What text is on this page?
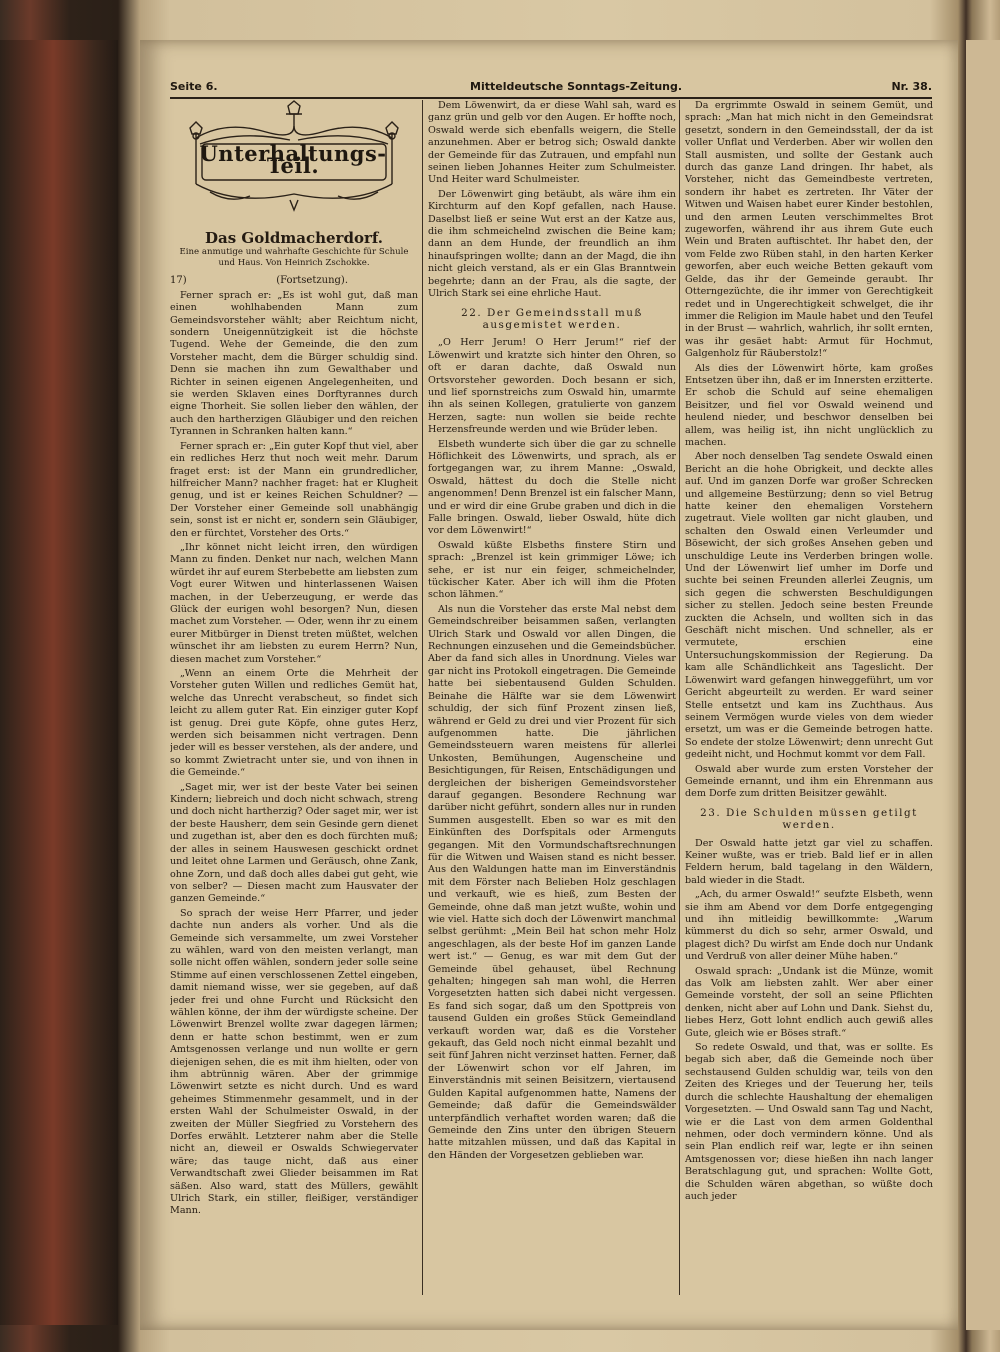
Seite 6.	Mitteldeutsche Sonntags-Zeitung.	Nr. 38.
Unterhaltungs-Teil.
Das Goldmacherdorf.
Eine anmutige und wahrhafte Geschichte für Schule und Haus. Von Heinrich Zschokke.
17)	(Fortsetzung).

Ferner sprach er: „Es ist wohl gut, daß man einen wohlhabenden Mann zum Gemeindsvorsteher wählt; aber Reichtum nicht, sondern Uneigennützigkeit ist die höchste Tugend. Wehe der Gemeinde, die den zum Vorsteher macht, dem die Bürger schuldig sind. Denn sie machen ihn zum Gewalthaber und Richter in seinen eigenen Angelegenheiten, und sie werden Sklaven eines Dorftyrannes durch eigne Thorheit. Sie sollen lieber den wählen, der auch den hartherzigen Gläubiger und den reichen Tyrannen in Schranken halten kann.“

Ferner sprach er: „Ein guter Kopf thut viel, aber ein redliches Herz thut noch weit mehr. Darum fraget erst: ist der Mann ein grundredlicher, hilfreicher Mann? nachher fraget: hat er Klugheit genug, und ist er keines Reichen Schuldner? — Der Vorsteher einer Gemeinde soll unabhängig sein, sonst ist er nicht er, sondern sein Gläubiger, den er fürchtet, Vorsteher des Orts.“

„Ihr könnet nicht leicht irren, den würdigen Mann zu finden. Denket nur nach, welchen Mann würdet ihr auf eurem Sterbebette am liebsten zum Vogt eurer Witwen und hinterlassenen Waisen machen, in der Ueberzeugung, er werde das Glück der eurigen wohl besorgen? Nun, diesen machet zum Vorsteher. — Oder, wenn ihr zu einem eurer Mitbürger in Dienst treten müßtet, welchen wünschet ihr am liebsten zu eurem Herrn? Nun, diesen machet zum Vorsteher.“

„Wenn an einem Orte die Mehrheit der Vorsteher guten Willen und redliches Gemüt hat, welche das Unrecht verabscheut, so findet sich leicht zu allem guter Rat. Ein einziger guter Kopf ist genug. Drei gute Köpfe, ohne gutes Herz, werden sich beisammen nicht vertragen. Denn jeder will es besser verstehen, als der andere, und so kommt Zwietracht unter sie, und von ihnen in die Gemeinde.“

„Saget mir, wer ist der beste Vater bei seinen Kindern; liebreich und doch nicht schwach, streng und doch nicht hartherzig? Oder saget mir, wer ist der beste Hausherr, dem sein Gesinde gern dienet und zugethan ist, aber den es doch fürchten muß; der alles in seinem Hauswesen geschickt ordnet und leitet ohne Larmen und Geräusch, ohne Zank, ohne Zorn, und daß doch alles dabei gut geht, wie von selber? — Diesen macht zum Hausvater der ganzen Gemeinde.“

So sprach der weise Herr Pfarrer, und jeder dachte nun anders als vorher. Und als die Gemeinde sich versammelte, um zwei Vorsteher zu wählen, ward von den meisten verlangt, man solle nicht offen wählen, sondern jeder solle seine Stimme auf einen verschlossenen Zettel eingeben, damit niemand wisse, wer sie gegeben, auf daß jeder frei und ohne Furcht und Rücksicht den wählen könne, der ihm der würdigste scheine. Der Löwenwirt Brenzel wollte zwar dagegen lärmen; denn er hatte schon bestimmt, wen er zum Amtsgenossen verlange und nun wollte er gern diejenigen sehen, die es mit ihm hielten, oder von ihm abtrünnig wären. Aber der grimmige Löwenwirt setzte es nicht durch. Und es ward geheimes Stimmenmehr gesammelt, und in der ersten Wahl der Schulmeister Oswald, in der zweiten der Müller Siegfried zu Vorstehern des Dorfes erwählt. Letzterer nahm aber die Stelle nicht an, dieweil er Oswalds Schwiegervater wäre; das tauge nicht, daß aus einer Verwandtschaft zwei Glieder beisammen im Rat säßen. Also ward, statt des Müllers, gewählt Ulrich Stark, ein stiller, fleißiger, verständiger Mann.

Dem Löwenwirt, da er diese Wahl sah, ward es ganz grün und gelb vor den Augen. Er hoffte noch, Oswald werde sich ebenfalls weigern, die Stelle anzunehmen. Aber er betrog sich; Oswald dankte der Gemeinde für das Zutrauen, und empfahl nun seinen lieben Johannes Heiter zum Schulmeister. Und Heiter ward Schulmeister.

Der Löwenwirt ging betäubt, als wäre ihm ein Kirchturm auf den Kopf gefallen, nach Hause. Daselbst ließ er seine Wut erst an der Katze aus, die ihm schmeichelnd zwischen die Beine kam; dann an dem Hunde, der freundlich an ihm hinaufspringen wollte; dann an der Magd, die ihn nicht gleich verstand, als er ein Glas Branntwein begehrte; dann an der Frau, als die sagte, der Ulrich Stark sei eine ehrliche Haut.

22. Der Gemeindsstall muß ausgemistet werden.

„O Herr Jerum! O Herr Jerum!“ rief der Löwenwirt und kratzte sich hinter den Ohren, so oft er daran dachte, daß Oswald nun Ortsvorsteher geworden. Doch besann er sich, und lief spornstreichs zum Oswald hin, umarmte ihn als seinen Kollegen, gratulierte von ganzem Herzen, sagte: nun wollen sie beide rechte Herzensfreunde werden und wie Brüder leben.

Elsbeth wunderte sich über die gar zu schnelle Höflichkeit des Löwenwirts, und sprach, als er fortgegangen war, zu ihrem Manne: „Oswald, Oswald, hättest du doch die Stelle nicht angenommen! Denn Brenzel ist ein falscher Mann, und er wird dir eine Grube graben und dich in die Falle bringen. Oswald, lieber Oswald, hüte dich vor dem Löwenwirt!“

Oswald küßte Elsbeths finstere Stirn und sprach: „Brenzel ist kein grimmiger Löwe; ich sehe, er ist nur ein feiger, schmeichelnder, tückischer Kater. Aber ich will ihm die Pfoten schon lähmen.“

Als nun die Vorsteher das erste Mal nebst dem Gemeindschreiber beisammen saßen, verlangten Ulrich Stark und Oswald vor allen Dingen, die Rechnungen einzusehen und die Gemeindsbücher. Aber da fand sich alles in Unordnung. Vieles war gar nicht ins Protokoll eingetragen. Die Gemeinde hatte bei siebentausend Gulden Schulden. Beinahe die Hälfte war sie dem Löwenwirt schuldig, der sich fünf Prozent zinsen ließ, während er Geld zu drei und vier Prozent für sich aufgenommen hatte. Die jährlichen Gemeindssteuern waren meistens für allerlei Unkosten, Bemühungen, Augenscheine und Besichtigungen, für Reisen, Entschädigungen und dergleichen der bisherigen Gemeindsvorsteher darauf gegangen. Besondere Rechnung war darüber nicht geführt, sondern alles nur in runden Summen ausgestellt. Eben so war es mit den Einkünften des Dorfspitals oder Armenguts gegangen. Mit den Vormundschaftsrechnungen für die Witwen und Waisen stand es nicht besser. Aus den Waldungen hatte man im Einverständnis mit dem Förster nach Belieben Holz geschlagen und verkauft, wie es hieß, zum Besten der Gemeinde, ohne daß man jetzt wußte, wohin und wie viel. Hatte sich doch der Löwenwirt manchmal selbst gerühmt: „Mein Beil hat schon mehr Holz angeschlagen, als der beste Hof im ganzen Lande wert ist.“ — Genug, es war mit dem Gut der Gemeinde übel gehauset, übel Rechnung gehalten; hingegen sah man wohl, die Herren Vorgesetzten hatten sich dabei nicht vergessen. Es fand sich sogar, daß um den Spottpreis von tausend Gulden ein großes Stück Gemeindland verkauft worden war, daß es die Vorsteher gekauft, das Geld noch nicht einmal bezahlt und seit fünf Jahren nicht verzinset hatten. Ferner, daß der Löwenwirt schon vor elf Jahren, im Einverständnis mit seinen Beisitzern, viertausend Gulden Kapital aufgenommen hatte, Namens der Gemeinde; daß dafür die Gemeindswälder unterpfändlich verhaftet worden waren; daß die Gemeinde den Zins unter den übrigen Steuern hatte mitzahlen müssen, und daß das Kapital in den Händen der Vorgesetzen geblieben war.

Da ergrimmte Oswald in seinem Gemüt, und sprach: „Man hat mich nicht in den Gemeindsrat gesetzt, sondern in den Gemeindsstall, der da ist voller Unflat und Verderben. Aber wir wollen den Stall ausmisten, und sollte der Gestank auch durch das ganze Land dringen. Ihr habet, als Vorsteher, nicht das Gemeindbeste vertreten, sondern ihr habet es zertreten. Ihr Väter der Witwen und Waisen habet eurer Kinder bestohlen, und den armen Leuten verschimmeltes Brot zugeworfen, während ihr aus ihrem Gute euch Wein und Braten auftischtet. Ihr habet den, der vom Felde zwo Rüben stahl, in den harten Kerker geworfen, aber euch weiche Betten gekauft vom Gelde, das ihr der Gemeinde geraubt. Ihr Otterngezüchte, die ihr immer von Gerechtigkeit redet und in Ungerechtigkeit schwelget, die ihr immer die Religion im Maule habet und den Teufel in der Brust — wahrlich, wahrlich, ihr sollt ernten, was ihr gesäet habt: Armut für Hochmut, Galgenholz für Räuberstolz!“

Als dies der Löwenwirt hörte, kam großes Entsetzen über ihn, daß er im Innersten erzitterte. Er schob die Schuld auf seine ehemaligen Beisitzer, und fiel vor Oswald weinend und heulend nieder, und beschwor denselben bei allem, was heilig ist, ihn nicht unglücklich zu machen.

Aber noch denselben Tag sendete Oswald einen Bericht an die hohe Obrigkeit, und deckte alles auf. Und im ganzen Dorfe war großer Schrecken und allgemeine Bestürzung; denn so viel Betrug hatte keiner den ehemaligen Vorstehern zugetraut. Viele wollten gar nicht glauben, und schalten den Oswald einen Verleumder und Bösewicht, der sich großes Ansehen geben und unschuldige Leute ins Verderben bringen wolle. Und der Löwenwirt lief umher im Dorfe und suchte bei seinen Freunden allerlei Zeugnis, um sich gegen die schwersten Beschuldigungen sicher zu stellen. Jedoch seine besten Freunde zuckten die Achseln, und wollten sich in das Geschäft nicht mischen. Und schneller, als er vermutete, erschien eine Untersuchungskommission der Regierung. Da kam alle Schändlichkeit ans Tageslicht. Der Löwenwirt ward gefangen hinweggeführt, um vor Gericht abgeurteilt zu werden. Er ward seiner Stelle entsetzt und kam ins Zuchthaus. Aus seinem Vermögen wurde vieles von dem wieder ersetzt, um was er die Gemeinde betrogen hatte. So endete der stolze Löwenwirt; denn unrecht Gut gedeiht nicht, und Hochmut kommt vor dem Fall.

Oswald aber wurde zum ersten Vorsteher der Gemeinde ernannt, und ihm ein Ehrenmann aus dem Dorfe zum dritten Beisitzer gewählt.

23. Die Schulden müssen getilgt werden.

Der Oswald hatte jetzt gar viel zu schaffen. Keiner wußte, was er trieb. Bald lief er in allen Feldern herum, bald tagelang in den Wäldern, bald wieder in die Stadt.

„Ach, du armer Oswald!“ seufzte Elsbeth, wenn sie ihm am Abend vor dem Dorfe entgegenging und ihn mitleidig bewillkommte: „Warum kümmerst du dich so sehr, armer Oswald, und plagest dich? Du wirfst am Ende doch nur Undank und Verdruß von aller deiner Mühe haben.“

Oswald sprach: „Undank ist die Münze, womit das Volk am liebsten zahlt. Wer aber einer Gemeinde vorsteht, der soll an seine Pflichten denken, nicht aber auf Lohn und Dank. Siehst du, liebes Herz, Gott lohnt endlich auch gewiß alles Gute, gleich wie er Böses straft.“

So redete Oswald, und that, was er sollte. Es begab sich aber, daß die Gemeinde noch über sechstausend Gulden schuldig war, teils von den Zeiten des Krieges und der Teuerung her, teils durch die schlechte Haushaltung der ehemaligen Vorgesetzten. — Und Oswald sann Tag und Nacht, wie er die Last von dem armen Goldenthal nehmen, oder doch vermindern könne. Und als sein Plan endlich reif war, legte er ihn seinen Amtsgenossen vor; diese hießen ihn nach langer Beratschlagung gut, und sprachen: Wollte Gott, die Schulden wären abgethan, so wüßte doch auch jeder
